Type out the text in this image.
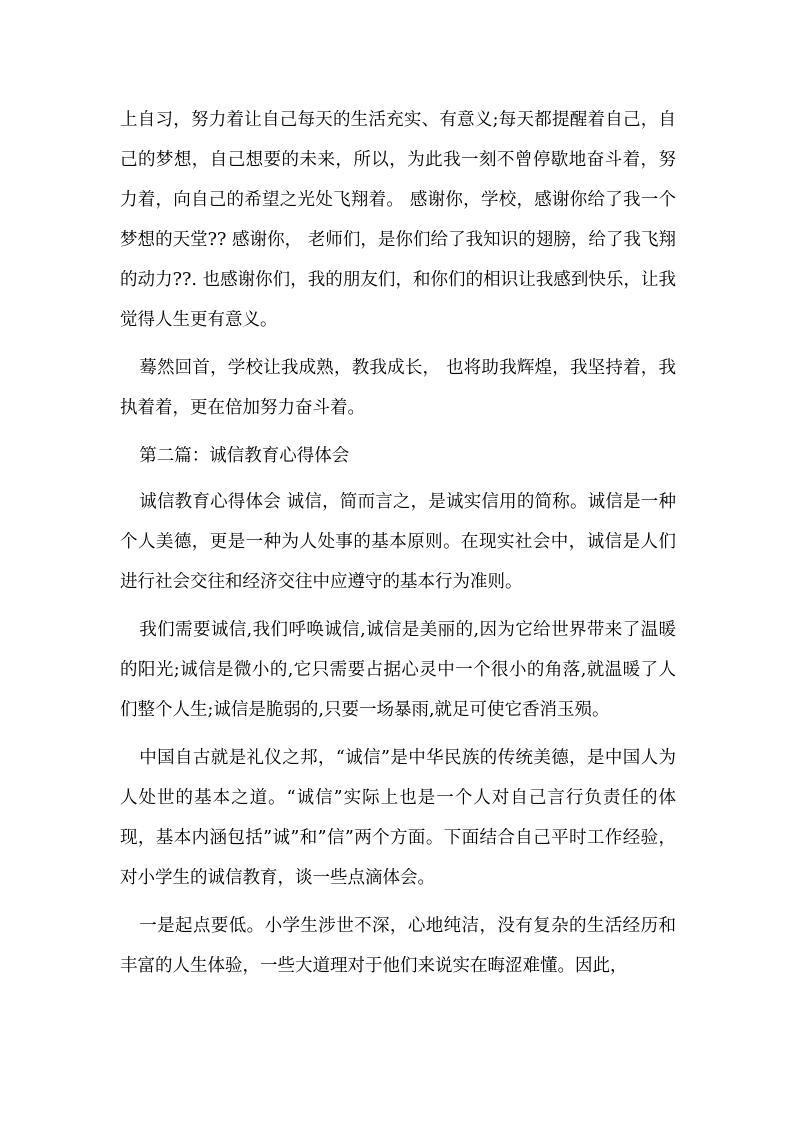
上自习，努力着让自己每天的生活充实、有意义;每天都提醒着自己，自己的梦想，自己想要的未来，所以，为此我一刻不曾停歇地奋斗着，努力着，向自己的希望之光处飞翔着。 感谢你，学校，感谢你给了我一个梦想的天堂?? 感谢你， 老师们，是你们给了我知识的翅膀，给了我飞翔的动力??. 也感谢你们，我的朋友们，和你们的相识让我感到快乐，让我觉得人生更有意义。

蓦然回首，学校让我成熟，教我成长， 也将助我辉煌，我坚持着，我执着着，更在倍加努力奋斗着。

第二篇：诚信教育心得体会

诚信教育心得体会 诚信，简而言之，是诚实信用的简称。诚信是一种个人美德，更是一种为人处事的基本原则。在现实社会中，诚信是人们进行社会交往和经济交往中应遵守的基本行为准则。

我们需要诚信,我们呼唤诚信,诚信是美丽的,因为它给世界带来了温暖的阳光;诚信是微小的,它只需要占据心灵中一个很小的角落,就温暖了人们整个人生;诚信是脆弱的,只要一场暴雨,就足可使它香消玉殒。

中国自古就是礼仪之邦，“诚信”是中华民族的传统美德，是中国人为人处世的基本之道。“诚信”实际上也是一个人对自己言行负责任的体现，基本内涵包括”诚”和”信”两个方面。下面结合自己平时工作经验，对小学生的诚信教育，谈一些点滴体会。

一是起点要低。小学生涉世不深，心地纯洁，没有复杂的生活经历和丰富的人生体验，一些大道理对于他们来说实在晦涩难懂。因此，
